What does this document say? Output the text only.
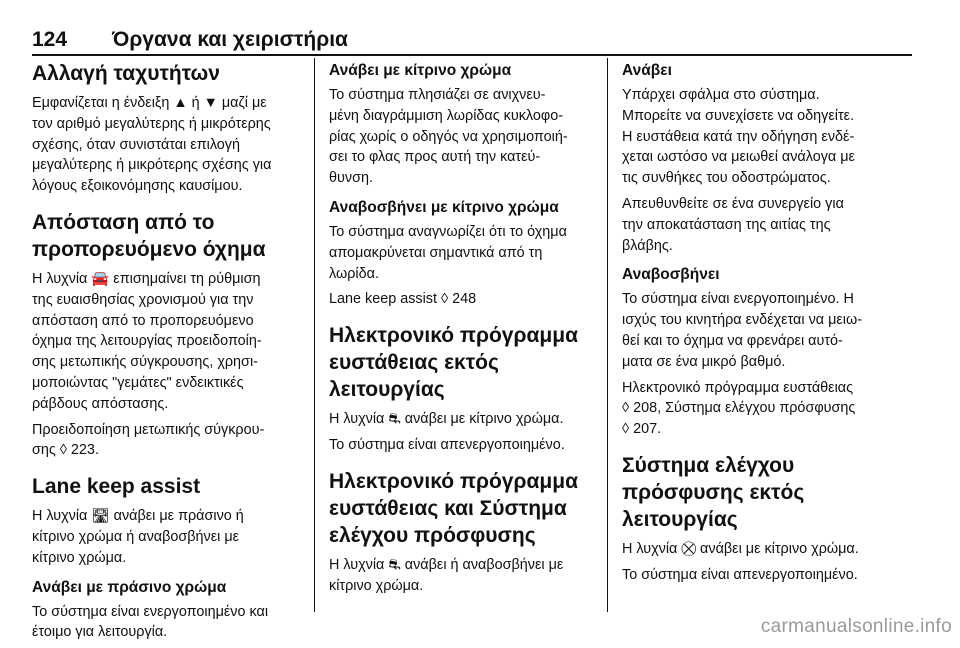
124 Όργανα και χειριστήρια
Αλλαγή ταχυτήτων

Εμφανίζεται η ένδειξη ▲ ή ▼ μαζί με
τον αριθμό μεγαλύτερης ή μικρότερης
σχέσης, όταν συνιστάται επιλογή
μεγαλύτερης ή μικρότερης σχέσης για
λόγους εξοικονόμησης καυσίμου.

Απόσταση από το
προπορευόμενο όχημα

Η λυχνία 🚘 επισημαίνει τη ρύθμιση
της ευαισθησίας χρονισμού για την
απόσταση από το προπορευόμενο
όχημα της λειτουργίας προειδοποίη-
σης μετωπικής σύγκρουσης, χρησι-
μοποιώντας "γεμάτες" ενδεικτικές
ράβδους απόστασης.

Προειδοποίηση μετωπικής σύγκρου-
σης ◊ 223.

Lane keep assist

Η λυχνία 🛣 ανάβει με πράσινο ή
κίτρινο χρώμα ή αναβοσβήνει με
κίτρινο χρώμα.

Ανάβει με πράσινο χρώμα

Το σύστημα είναι ενεργοποιημένο και
έτοιμο για λειτουργία.

Ανάβει με κίτρινο χρώμα

Το σύστημα πλησιάζει σε ανιχνευ-
μένη διαγράμμιση λωρίδας κυκλοφο-
ρίας χωρίς ο οδηγός να χρησιμοποιή-
σει το φλας προς αυτή την κατεύ-
θυνση.

Αναβοσβήνει με κίτρινο χρώμα

Το σύστημα αναγνωρίζει ότι το όχημα
απομακρύνεται σημαντικά από τη
λωρίδα.

Lane keep assist ◊ 248

Ηλεκτρονικό πρόγραμμα
ευστάθειας εκτός
λειτουργίας

Η λυχνία ⛐ ανάβει με κίτρινο χρώμα.

Το σύστημα είναι απενεργοποιημένο.

Ηλεκτρονικό πρόγραμμα
ευστάθειας και Σύστημα
ελέγχου πρόσφυσης

Η λυχνία ⛐ ανάβει ή αναβοσβήνει με
κίτρινο χρώμα.

Ανάβει

Υπάρχει σφάλμα στο σύστημα.
Μπορείτε να συνεχίσετε να οδηγείτε.
Η ευστάθεια κατά την οδήγηση ενδέ-
χεται ωστόσο να μειωθεί ανάλογα με
τις συνθήκες του οδοστρώματος.

Απευθυνθείτε σε ένα συνεργείο για
την αποκατάσταση της αιτίας της
βλάβης.

Αναβοσβήνει

Το σύστημα είναι ενεργοποιημένο. Η
ισχύς του κινητήρα ενδέχεται να μειω-
θεί και το όχημα να φρενάρει αυτό-
ματα σε ένα μικρό βαθμό.

Ηλεκτρονικό πρόγραμμα ευστάθειας
◊ 208, Σύστημα ελέγχου πρόσφυσης
◊ 207.

Σύστημα ελέγχου
πρόσφυσης εκτός
λειτουργίας

Η λυχνία ⛒ ανάβει με κίτρινο χρώμα.

Το σύστημα είναι απενεργοποιημένο.

carmanualsonline.info
